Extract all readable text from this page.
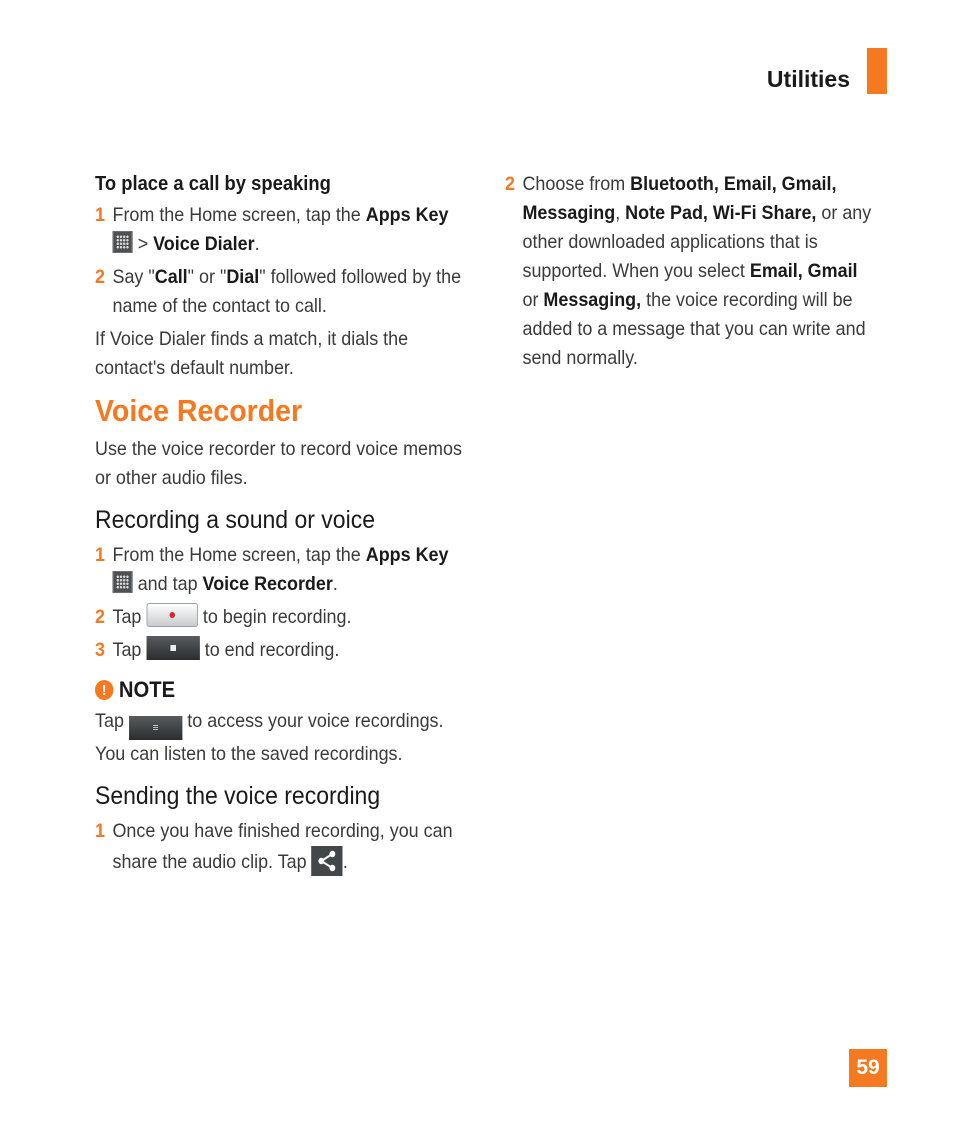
Utilities

To place a call by speaking

1 From the Home screen, tap the Apps Key
> Voice Dialer.
2 Say "Call" or "Dial" followed followed by the name of the contact to call.

If Voice Dialer finds a match, it dials the contact's default number.

Voice Recorder

Use the voice recorder to record voice memos or other audio files.

Recording a sound or voice
1 From the Home screen, tap the Apps Key
and tap Voice Recorder.
2 Tap	to begin recording.
3 Tap	to end recording.
! NOTE

Tap ≡ to access your voice recordings. You can listen to the saved recordings.

Sending the voice recording
1 Once you have finished recording, you can share the audio clip. Tap
.
2 Choose from Bluetooth, Email, Gmail, Messaging, Note Pad, Wi-Fi Share, or any other downloaded applications that is supported. When you select Email, Gmail or Messaging, the voice recording will be added to a message that you can write and send normally.
59
